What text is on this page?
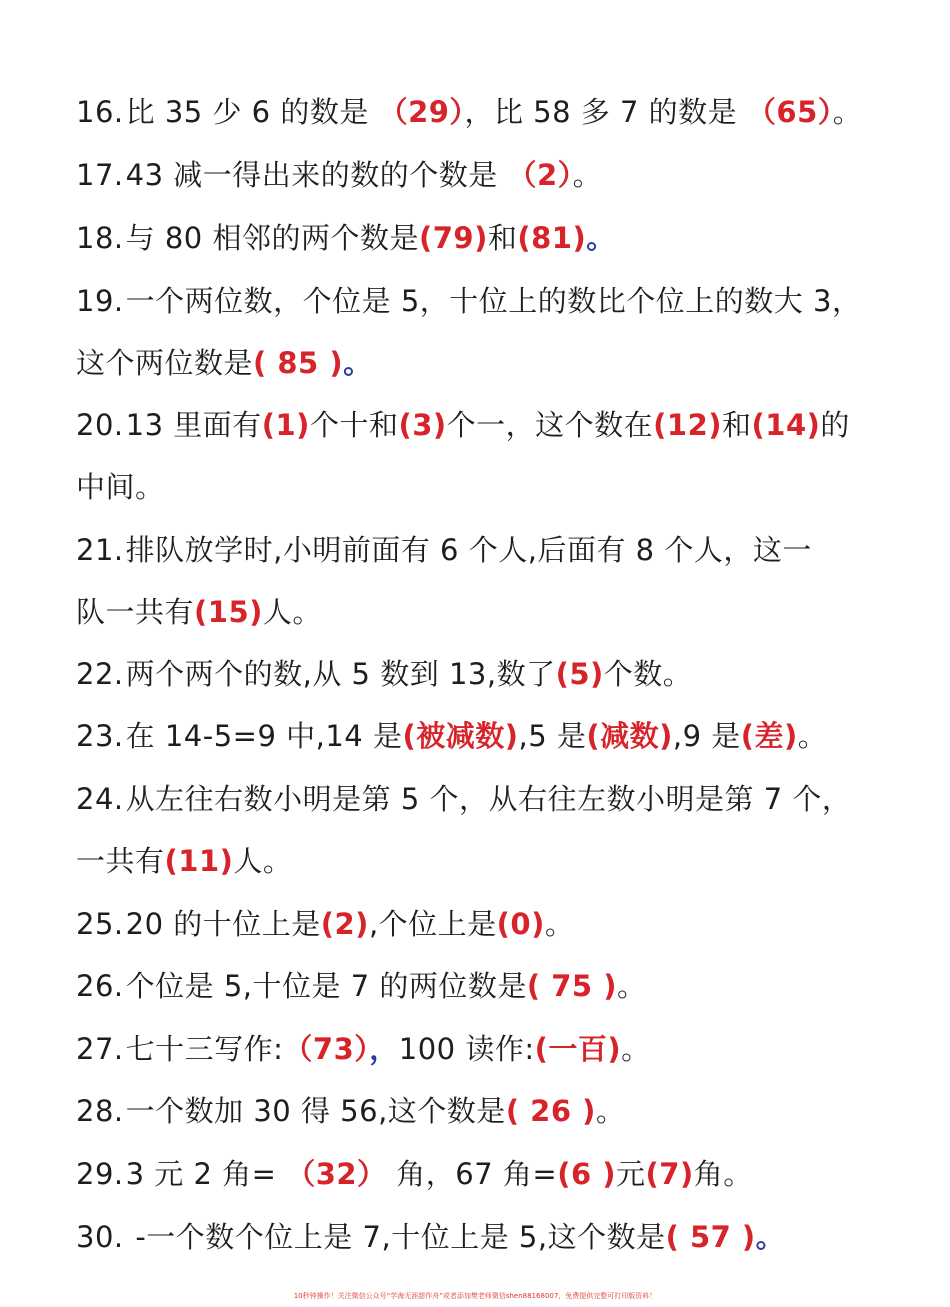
16.比 35 少 6 的数是 （29），比 58 多 7 的数是 （65）。
17.43 减一得出来的数的个数是 （2）。
18.与 80 相邻的两个数是(79)和(81)。
19.一个两位数，个位是 5，十位上的数比个位上的数大 3，
这个两位数是( 85 )。
20.13 里面有(1)个十和(3)个一，这个数在(12)和(14)的
中间。
21.排队放学时,小明前面有 6 个人,后面有 8 个人，这一
队一共有(15)人。
22.两个两个的数,从 5 数到 13,数了(5)个数。
23.在 14-5=9 中,14 是(被减数),5 是(减数),9 是(差)。
24.从左往右数小明是第 5 个，从右往左数小明是第 7 个，
一共有(11)人。
25.20 的十位上是(2),个位上是(0)。
26.个位是 5,十位是 7 的两位数是( 75 )。
27.七十三写作:（73），100 读作:(一百)。
28.一个数加 30 得 56,这个数是( 26 )。
29.3 元 2 角= （32） 角，67 角=(6 )元(7)角。
30. -一个数个位上是 7,十位上是 5,这个数是( 57 )。
10秒钟操作！关注微信公众号“学海无涯甜作舟”或者添加樊老师微信shen88168007，免费提供完整可打印版资料！
